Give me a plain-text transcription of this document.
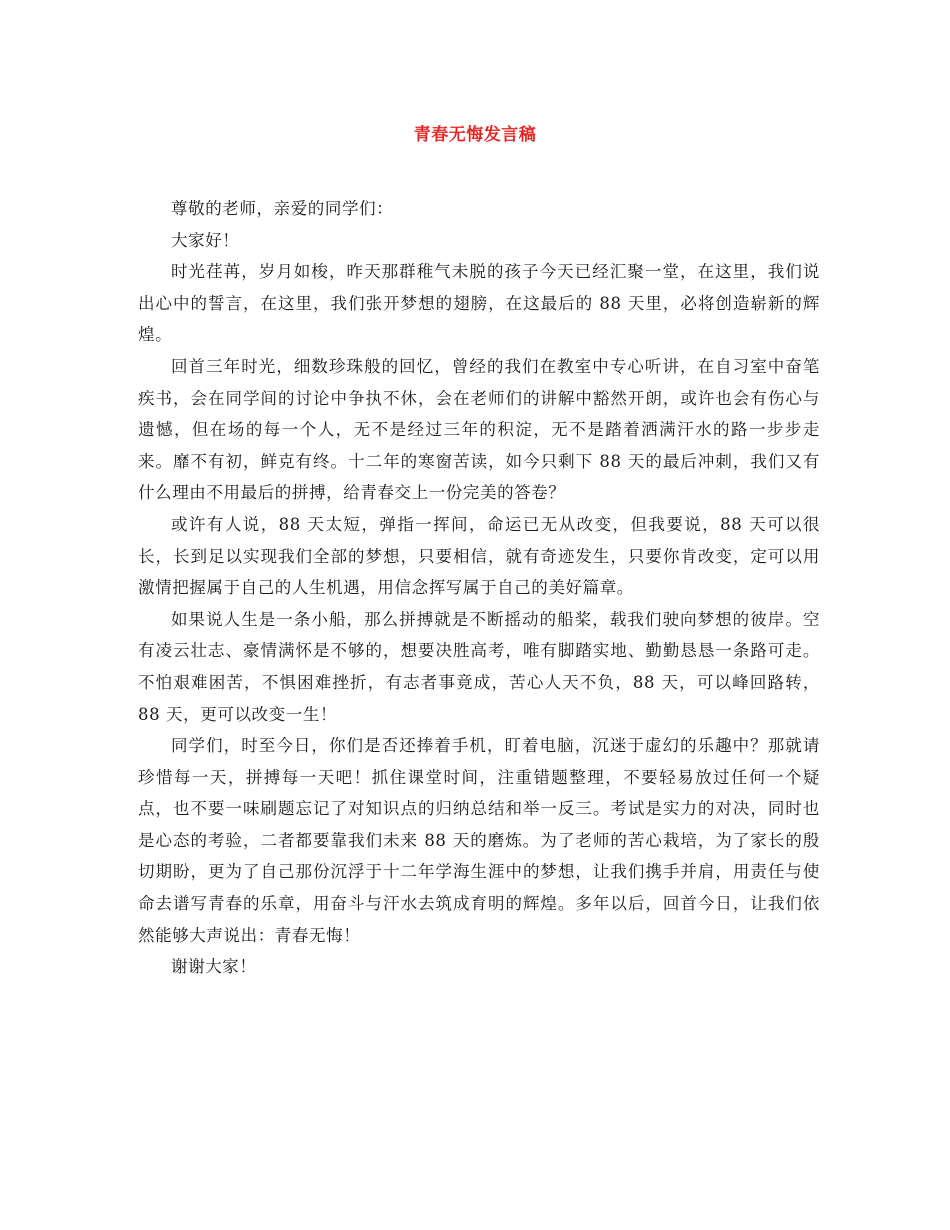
青春无悔发言稿

尊敬的老师，亲爱的同学们：

大家好！

时光荏苒，岁月如梭，昨天那群稚气未脱的孩子今天已经汇聚一堂，在这里，我们说出心中的誓言，在这里，我们张开梦想的翅膀，在这最后的 88 天里，必将创造崭新的辉煌。

回首三年时光，细数珍珠般的回忆，曾经的我们在教室中专心听讲，在自习室中奋笔疾书，会在同学间的讨论中争执不休，会在老师们的讲解中豁然开朗，或许也会有伤心与遗憾，但在场的每一个人，无不是经过三年的积淀，无不是踏着洒满汗水的路一步步走来。靡不有初，鲜克有终。十二年的寒窗苦读，如今只剩下 88 天的最后冲刺，我们又有什么理由不用最后的拼搏，给青春交上一份完美的答卷？

或许有人说，88 天太短，弹指一挥间，命运已无从改变，但我要说，88 天可以很长，长到足以实现我们全部的梦想，只要相信，就有奇迹发生，只要你肯改变，定可以用激情把握属于自己的人生机遇，用信念挥写属于自己的美好篇章。

如果说人生是一条小船，那么拼搏就是不断摇动的船桨，载我们驶向梦想的彼岸。空有凌云壮志、豪情满怀是不够的，想要决胜高考，唯有脚踏实地、勤勤恳恳一条路可走。不怕艰难困苦，不惧困难挫折，有志者事竟成，苦心人天不负，88 天，可以峰回路转，88 天，更可以改变一生！

同学们，时至今日，你们是否还捧着手机，盯着电脑，沉迷于虚幻的乐趣中？那就请珍惜每一天，拼搏每一天吧！抓住课堂时间，注重错题整理，不要轻易放过任何一个疑点，也不要一味刷题忘记了对知识点的归纳总结和举一反三。考试是实力的对决，同时也是心态的考验，二者都要靠我们未来 88 天的磨炼。为了老师的苦心栽培，为了家长的殷切期盼，更为了自己那份沉浮于十二年学海生涯中的梦想，让我们携手并肩，用责任与使命去谱写青春的乐章，用奋斗与汗水去筑成育明的辉煌。多年以后，回首今日，让我们依然能够大声说出：青春无悔！

谢谢大家！
